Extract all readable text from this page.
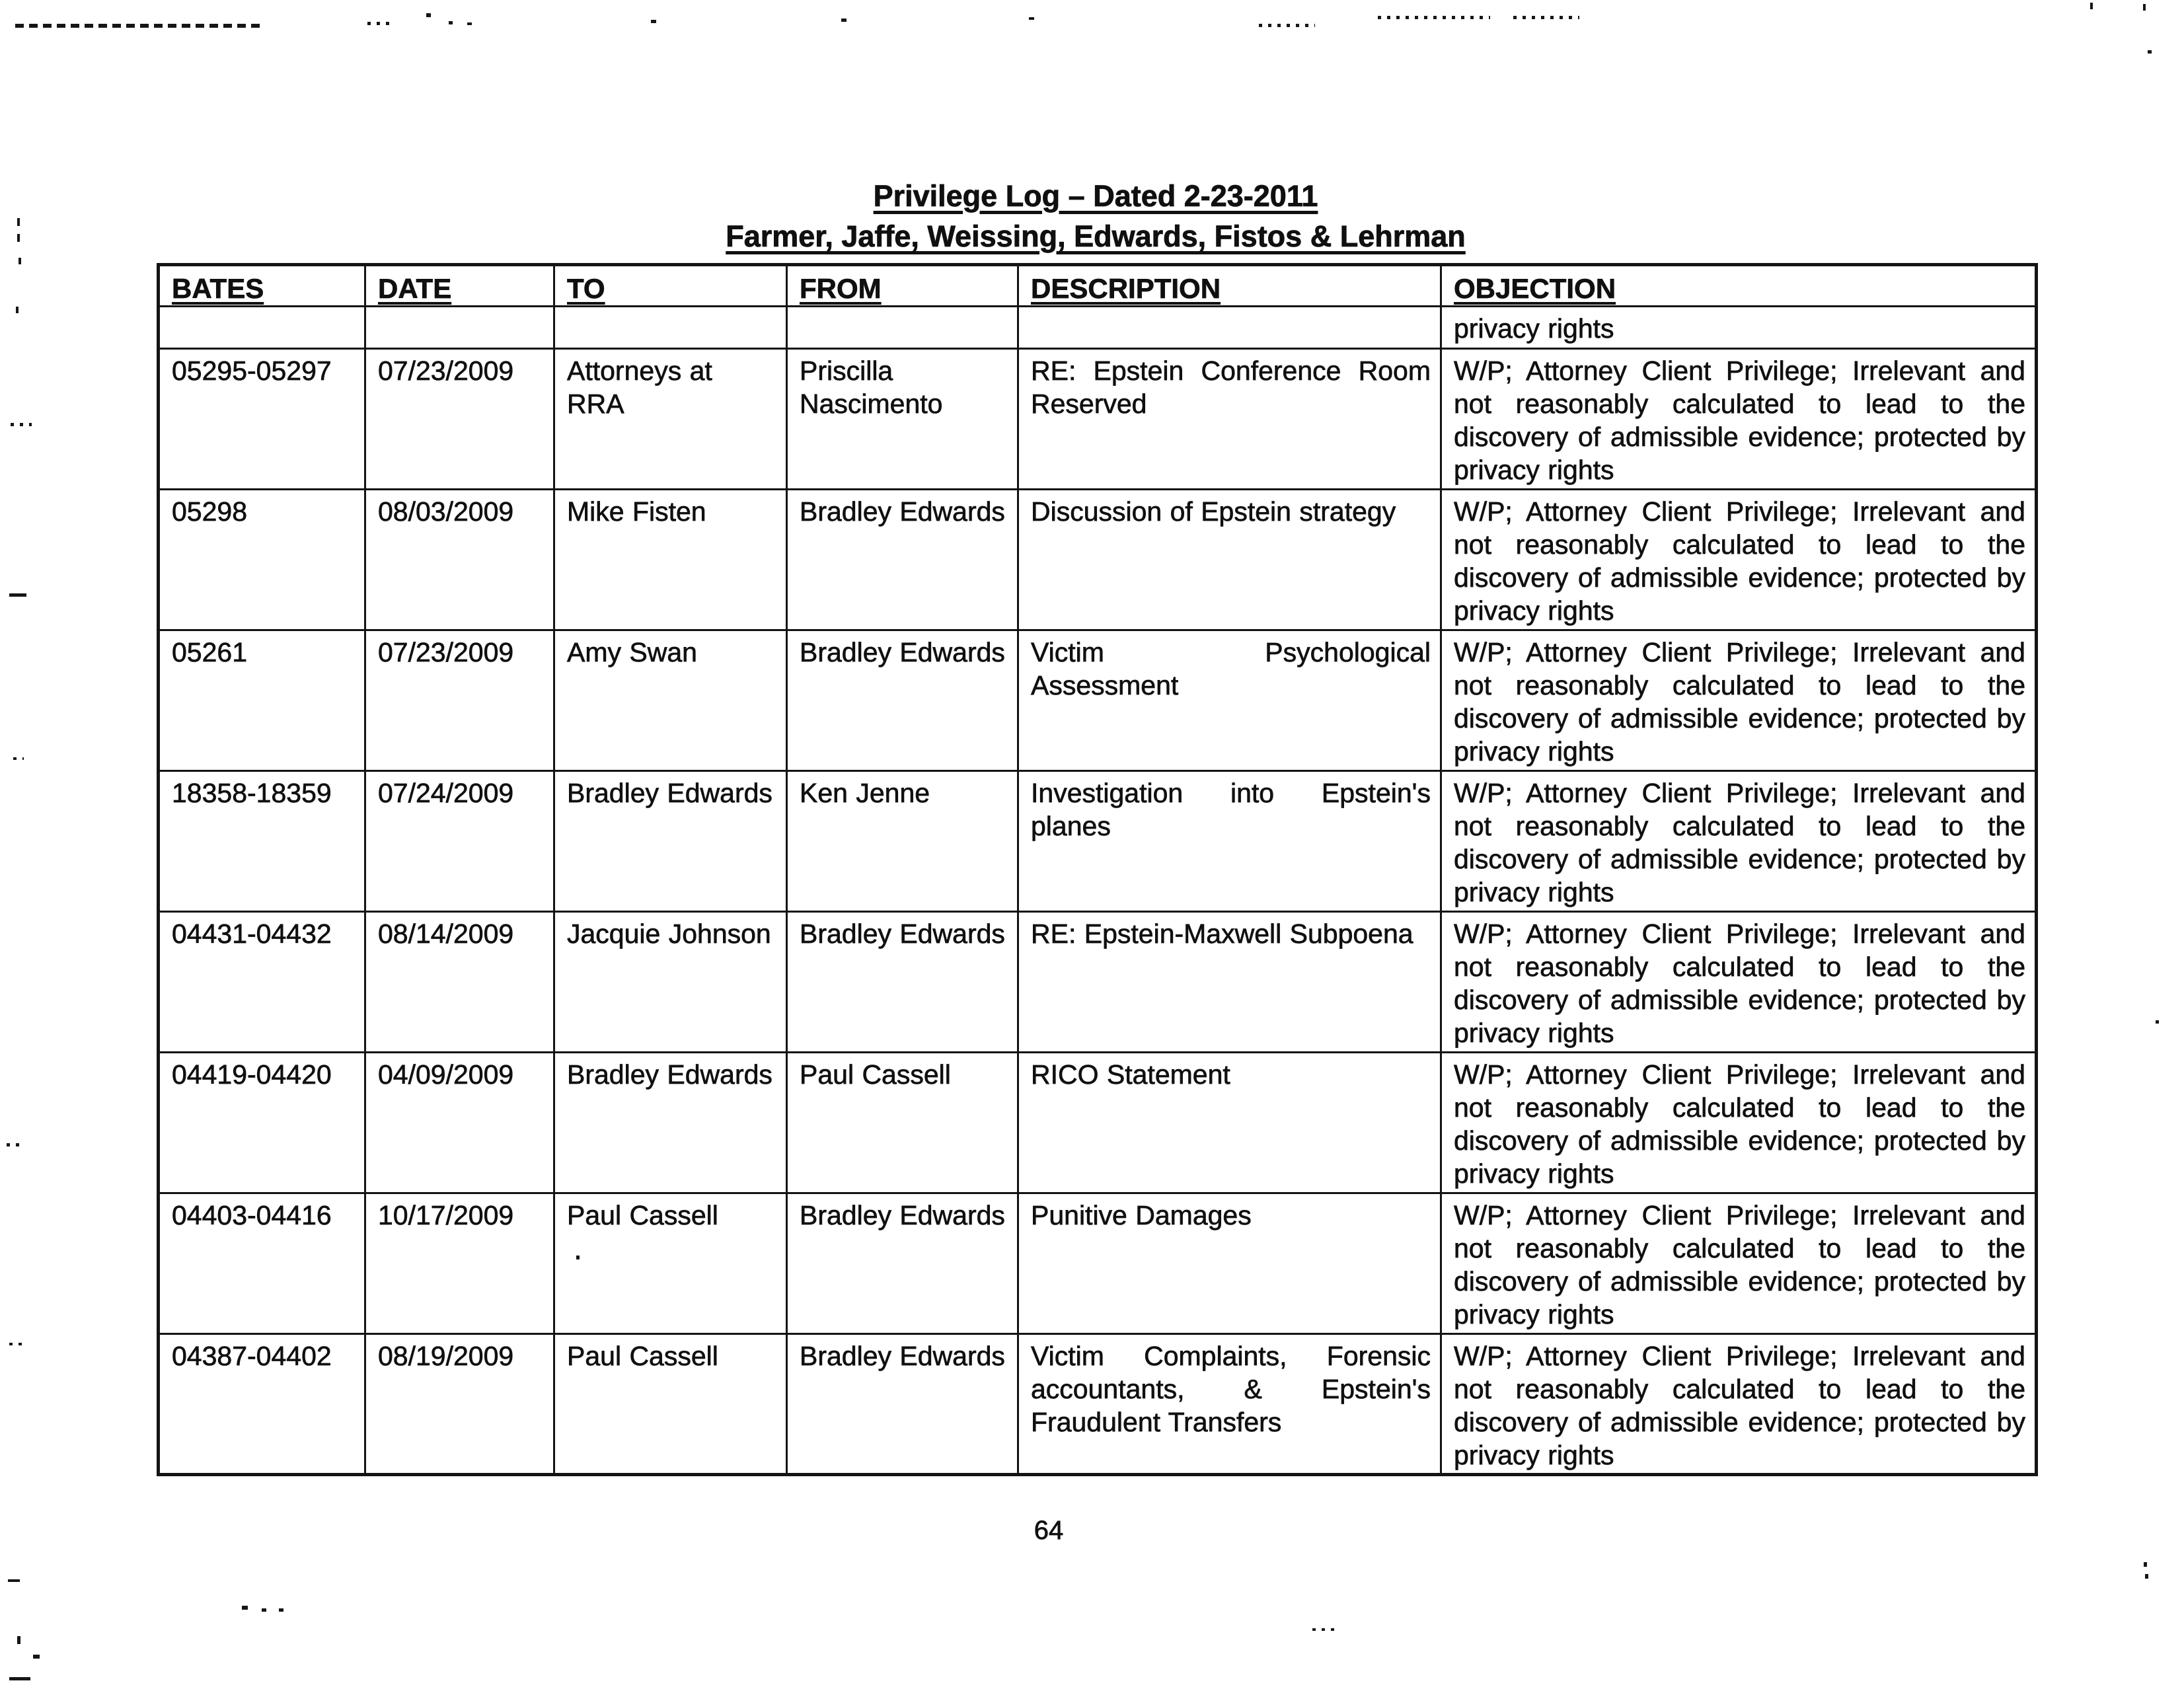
Privilege Log – Dated 2-23-2011
Farmer, Jaffe, Weissing, Edwards, Fistos & Lehrman
BATES	DATE	TO	FROM	DESCRIPTION	OBJECTION
					privacy rights
05295-05297	07/23/2009	Attorneys at RRA	Priscilla Nascimento	RE: Epstein Conference Room Reserved	W/P; Attorney Client Privilege; Irrelevant and not reasonably calculated to lead to the discovery of admissible evidence; protected by privacy rights
05298	08/03/2009	Mike Fisten	Bradley Edwards	Discussion of Epstein strategy	W/P; Attorney Client Privilege; Irrelevant and not reasonably calculated to lead to the discovery of admissible evidence; protected by privacy rights
05261	07/23/2009	Amy Swan	Bradley Edwards	Victim Psychological Assessment	W/P; Attorney Client Privilege; Irrelevant and not reasonably calculated to lead to the discovery of admissible evidence; protected by privacy rights
18358-18359	07/24/2009	Bradley Edwards	Ken Jenne	Investigation into Epstein's planes	W/P; Attorney Client Privilege; Irrelevant and not reasonably calculated to lead to the discovery of admissible evidence; protected by privacy rights
04431-04432	08/14/2009	Jacquie Johnson	Bradley Edwards	RE: Epstein-Maxwell Subpoena	W/P; Attorney Client Privilege; Irrelevant and not reasonably calculated to lead to the discovery of admissible evidence; protected by privacy rights
04419-04420	04/09/2009	Bradley Edwards	Paul Cassell	RICO Statement	W/P; Attorney Client Privilege; Irrelevant and not reasonably calculated to lead to the discovery of admissible evidence; protected by privacy rights
04403-04416	10/17/2009	Paul Cassell	Bradley Edwards	Punitive Damages	W/P; Attorney Client Privilege; Irrelevant and not reasonably calculated to lead to the discovery of admissible evidence; protected by privacy rights
04387-04402	08/19/2009	Paul Cassell	Bradley Edwards	Victim Complaints, Forensic accountants, & Epstein's Fraudulent Transfers	W/P; Attorney Client Privilege; Irrelevant and not reasonably calculated to lead to the discovery of admissible evidence; protected by privacy rights
64
